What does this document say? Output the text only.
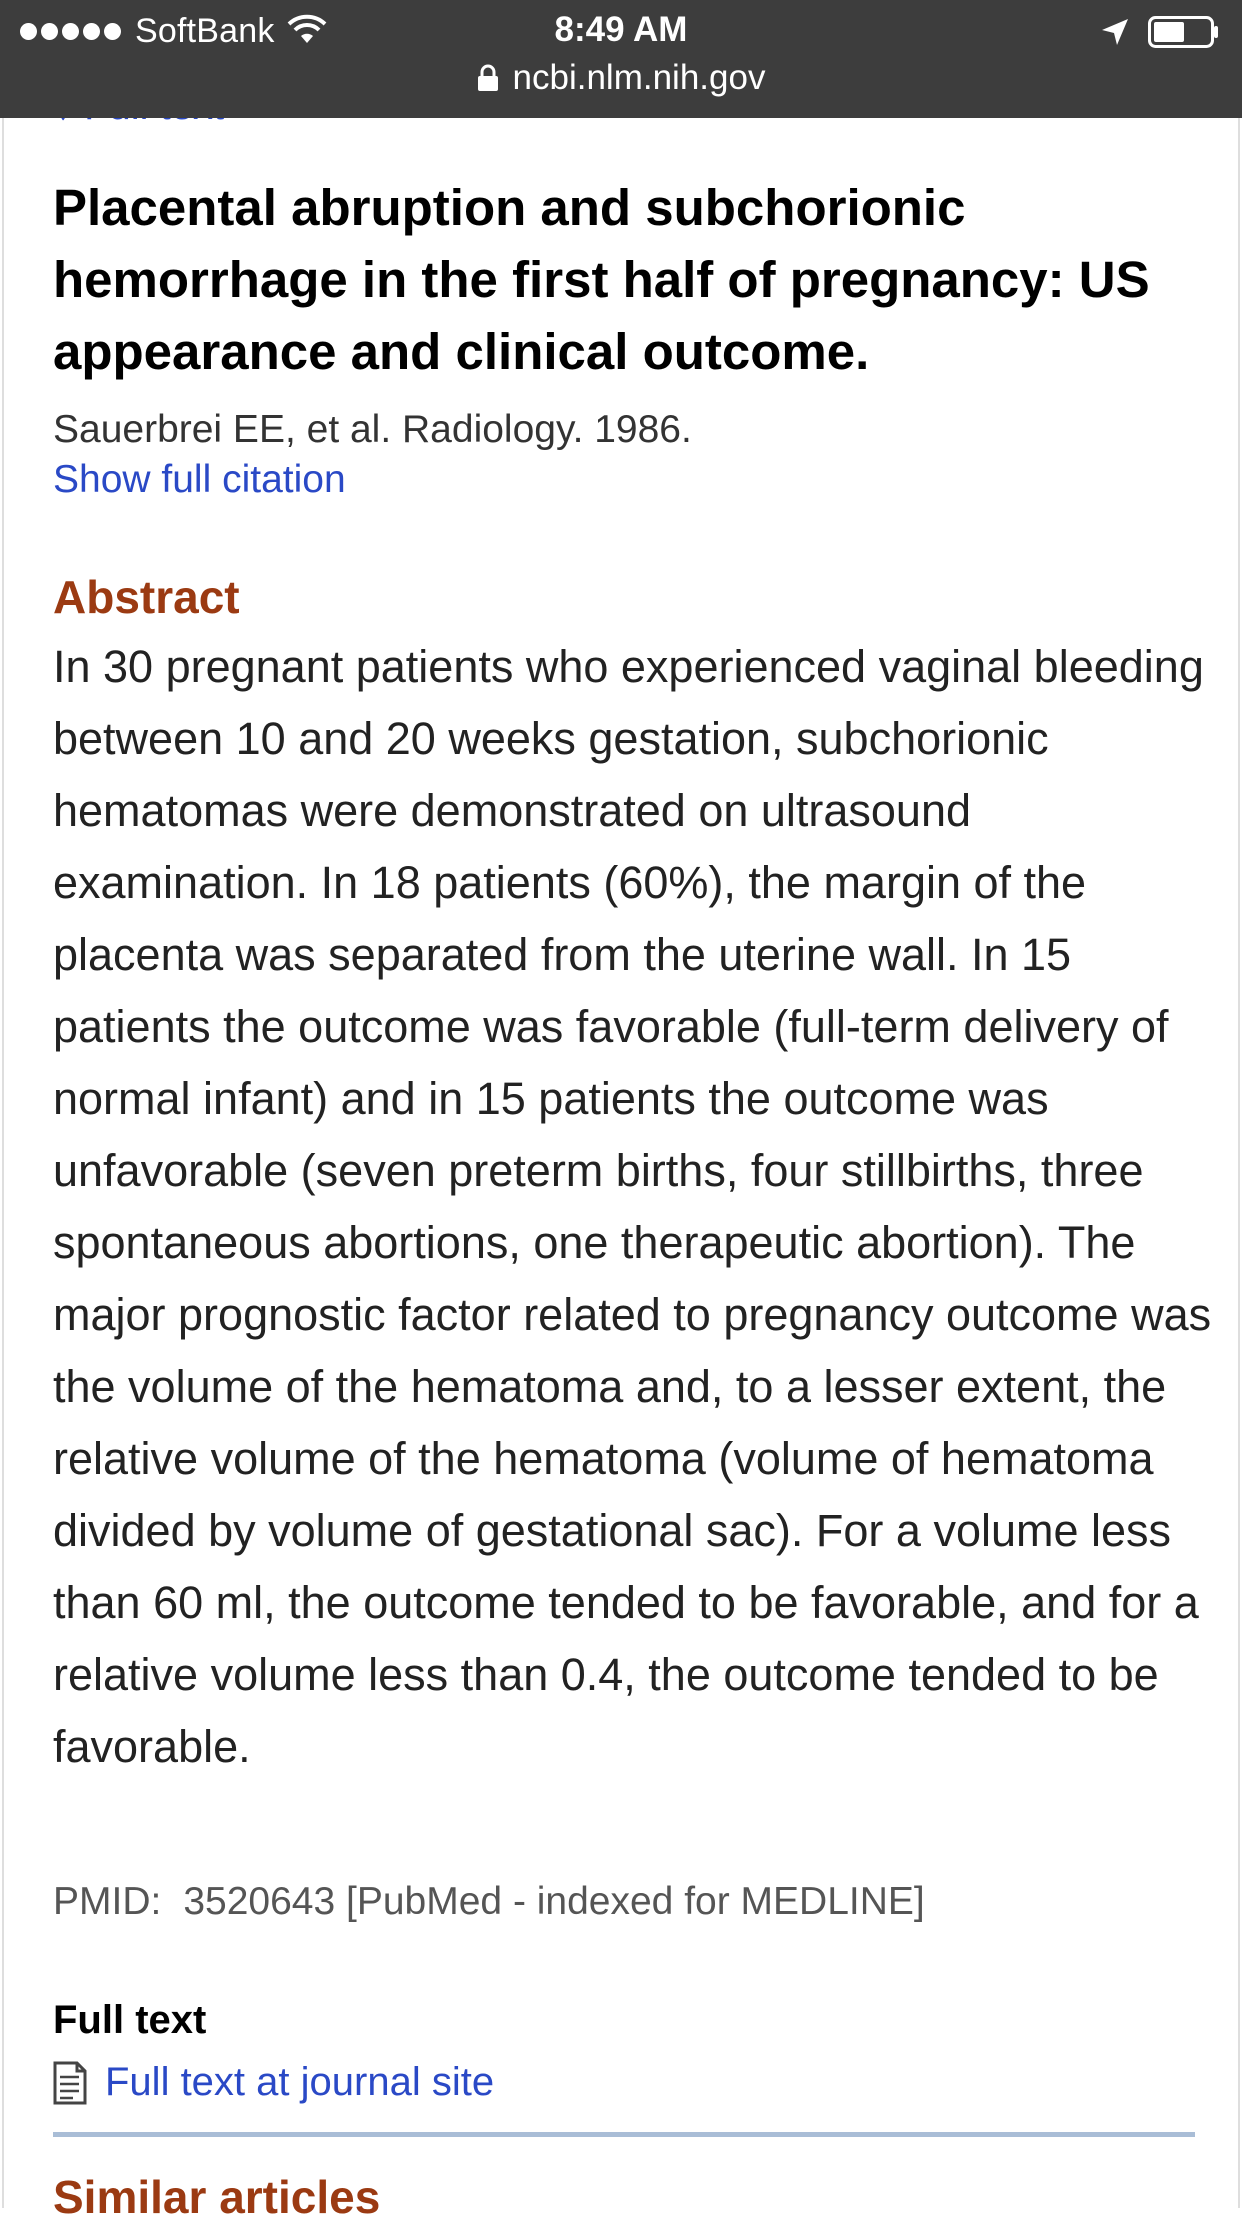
SoftBank	8:49 AM
ncbi.nlm.nih.gov
Placental abruption and subchorionic hemorrhage in the first half of pregnancy: US appearance and clinical outcome.
Sauerbrei EE, et al. Radiology. 1986.
Show full citation
Abstract

In 30 pregnant patients who experienced vaginal bleeding between 10 and 20 weeks gestation, subchorionic hematomas were demonstrated on ultrasound examination. In 18 patients (60%), the margin of the placenta was separated from the uterine wall. In 15 patients the outcome was favorable (full-term delivery of normal infant) and in 15 patients the outcome was unfavorable (seven preterm births, four stillbirths, three spontaneous abortions, one therapeutic abortion). The major prognostic factor related to pregnancy outcome was the volume of the hematoma and, to a lesser extent, the relative volume of the hematoma (volume of hematoma divided by volume of gestational sac). For a volume less than 60 ml, the outcome tended to be favorable, and for a relative volume less than 0.4, the outcome tended to be favorable.

PMID: 3520643 [PubMed - indexed for MEDLINE]
Full text
Full text at journal site
Similar articles
